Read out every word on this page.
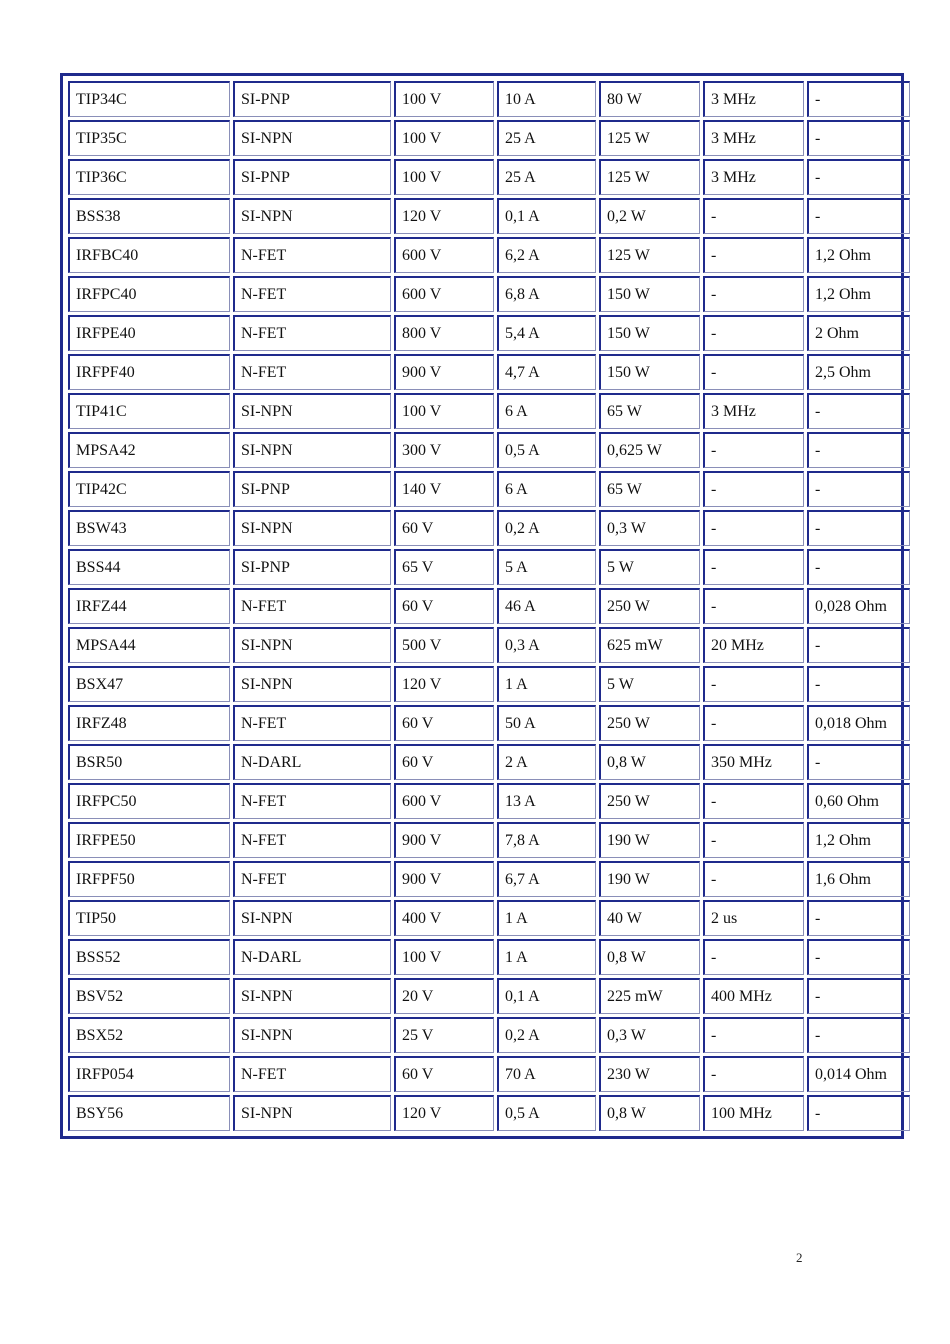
TIP34C	SI-PNP	100 V	10 A	80 W	3 MHz	-
TIP35C	SI-NPN	100 V	25 A	125 W	3 MHz	-
TIP36C	SI-PNP	100 V	25 A	125 W	3 MHz	-
BSS38	SI-NPN	120 V	0,1 A	0,2 W	-	-
IRFBC40	N-FET	600 V	6,2 A	125 W	-	1,2 Ohm
IRFPC40	N-FET	600 V	6,8 A	150 W	-	1,2 Ohm
IRFPE40	N-FET	800 V	5,4 A	150 W	-	2 Ohm
IRFPF40	N-FET	900 V	4,7 A	150 W	-	2,5 Ohm
TIP41C	SI-NPN	100 V	6 A	65 W	3 MHz	-
MPSA42	SI-NPN	300 V	0,5 A	0,625 W	-	-
TIP42C	SI-PNP	140 V	6 A	65 W	-	-
BSW43	SI-NPN	60 V	0,2 A	0,3 W	-	-
BSS44	SI-PNP	65 V	5 A	5 W	-	-
IRFZ44	N-FET	60 V	46 A	250 W	-	0,028 Ohm
MPSA44	SI-NPN	500 V	0,3 A	625 mW	20 MHz	-
BSX47	SI-NPN	120 V	1 A	5 W	-	-
IRFZ48	N-FET	60 V	50 A	250 W	-	0,018 Ohm
BSR50	N-DARL	60 V	2 A	0,8 W	350 MHz	-
IRFPC50	N-FET	600 V	13 A	250 W	-	0,60 Ohm
IRFPE50	N-FET	900 V	7,8 A	190 W	-	1,2 Ohm
IRFPF50	N-FET	900 V	6,7 A	190 W	-	1,6 Ohm
TIP50	SI-NPN	400 V	1 A	40 W	2 us	-
BSS52	N-DARL	100 V	1 A	0,8 W	-	-
BSV52	SI-NPN	20 V	0,1 A	225 mW	400 MHz	-
BSX52	SI-NPN	25 V	0,2 A	0,3 W	-	-
IRFP054	N-FET	60 V	70 A	230 W	-	0,014 Ohm
BSY56	SI-NPN	120 V	0,5 A	0,8 W	100 MHz	-
2
